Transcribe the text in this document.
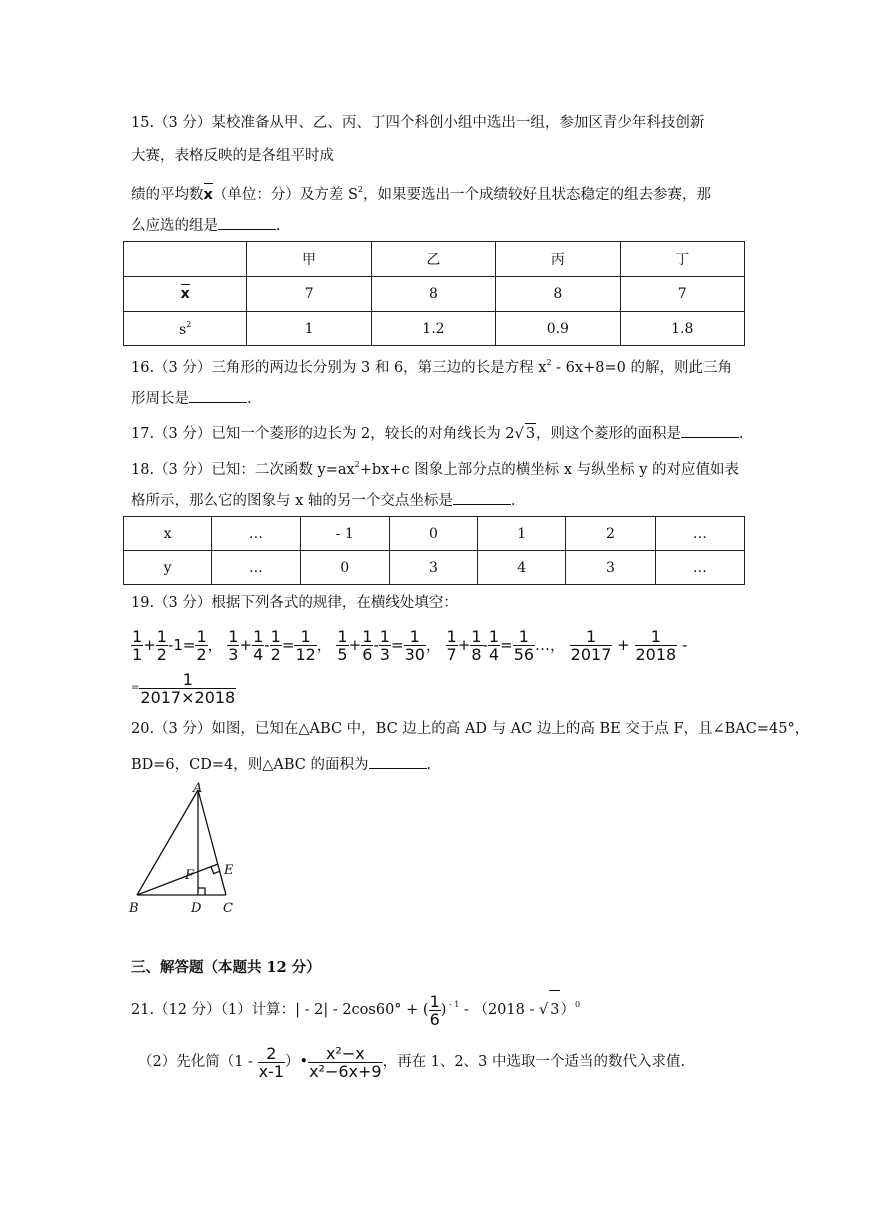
15.（3 分）某校准备从甲、乙、丙、丁四个科创小组中选出一组，参加区青少年科技创新
大赛，表格反映的是各组平时成
绩的平均数x（单位：分）及方差 $S^2$，如果要选出一个成绩较好且状态稳定的组去参赛，那
么应选的组是	.
	甲	乙	丙	丁
x	7	8	8	7
$s^2$	1	1.2	0.9	1.8
16.（3 分）三角形的两边长分别为 3 和 6，第三边的长是方程 $x^2 - 6x+8=0$ 的解，则此三角
形周长是	.
17.（3 分）已知一个菱形的边长为 2，较长的对角线长为 2√ 3，则这个菱形的面积是	.
18.（3 分）已知：二次函数 $y=ax^2+bx+c$ 图象上部分点的横坐标 x 与纵坐标 y 的对应值如表
格所示，那么它的图象与 x 轴的另一个交点坐标是	.
x	…	- 1	0	1	2	…
y	…	0	3	4	3	…
19.（3 分）根据下列各式的规律，在横线处填空：
$\frac{1}{1} + \frac{1}{2} -1= \frac{1}{2}$ ， $\frac{1}{3} + \frac{1}{4} - \frac{1}{2} = \frac{1}{12}$ ， $\frac{1}{5} + \frac{1}{6} - \frac{1}{3} = \frac{1}{30}$ ， $\frac{1}{7} + \frac{1}{8} - \frac{1}{4} = \frac{1}{56}$ …， $\frac{1}{2017} + \frac{1}{2018}$ -
= $\frac{1}{2017\times 2018}$
20.（3 分）如图，已知在△ABC 中，BC 边上的高 AD 与 AC 边上的高 BE 交于点 F，且∠BAC=45°，
BD=6，CD=4，则△ABC 的面积为	.
A
B	C
D
E
F
三、解答题（本题共 12 分）
21.（12 分）（1）计算：| - 2| - 2cos60° + ( $\frac{1}{6}$ ) $^{- 1}$ - （2018 - √ 3）$^0$
（2）先化简（$1 - \frac{2}{x-1}$ ）• $\frac{\text{x²−x}}{\text{x²−6x+9}}$ ，再在 1、2、3 中选取一个适当的数代入求值.
